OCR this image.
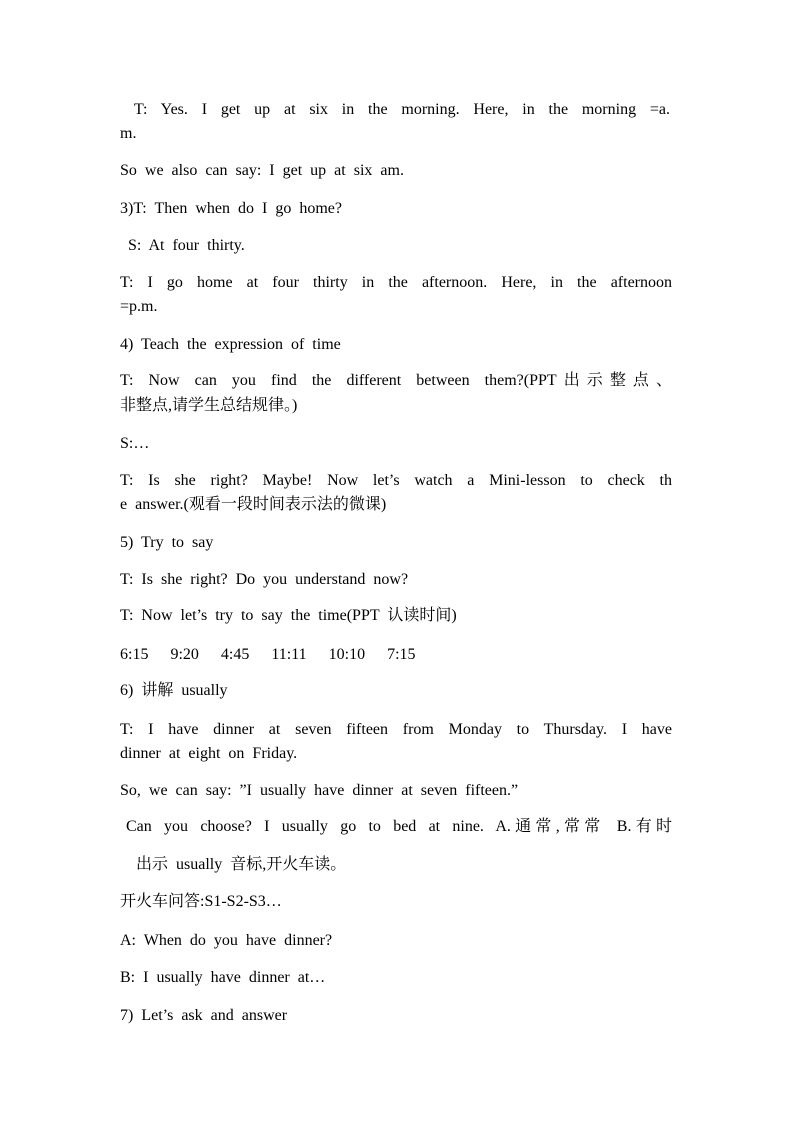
T: Yes. I get up at six in the morning. Here, in the morning =a.
m.
So we also can say: I get up at six am.
3)T: Then when do I go home?
S: At four thirty.
T: I go home at four thirty in the afternoon. Here, in the afternoon
=p.m.
4) Teach the expression of time
T: Now can you find the different between them?(PPT出示整点、
非整点,请学生总结规律。)
S:…
T: Is she right? Maybe! Now let’s watch a Mini-lesson to check th
e answer.(观看一段时间表示法的微课)
5) Try to say
T: Is she right? Do you understand now?
T: Now let’s try to say the time(PPT 认读时间)
6:15 9:20 4:45 11:11 10:10 7:15
6) 讲解 usually
T: I have dinner at seven fifteen from Monday to Thursday. I have
dinner at eight on Friday.
So, we can say: ”I usually have dinner at seven fifteen.”
Can you choose? I usually go to bed at nine. A.通常,常常 B.有时
出示 usually 音标,开火车读。
开火车问答:S1-S2-S3…
A: When do you have dinner?
B: I usually have dinner at…
7) Let’s ask and answer
